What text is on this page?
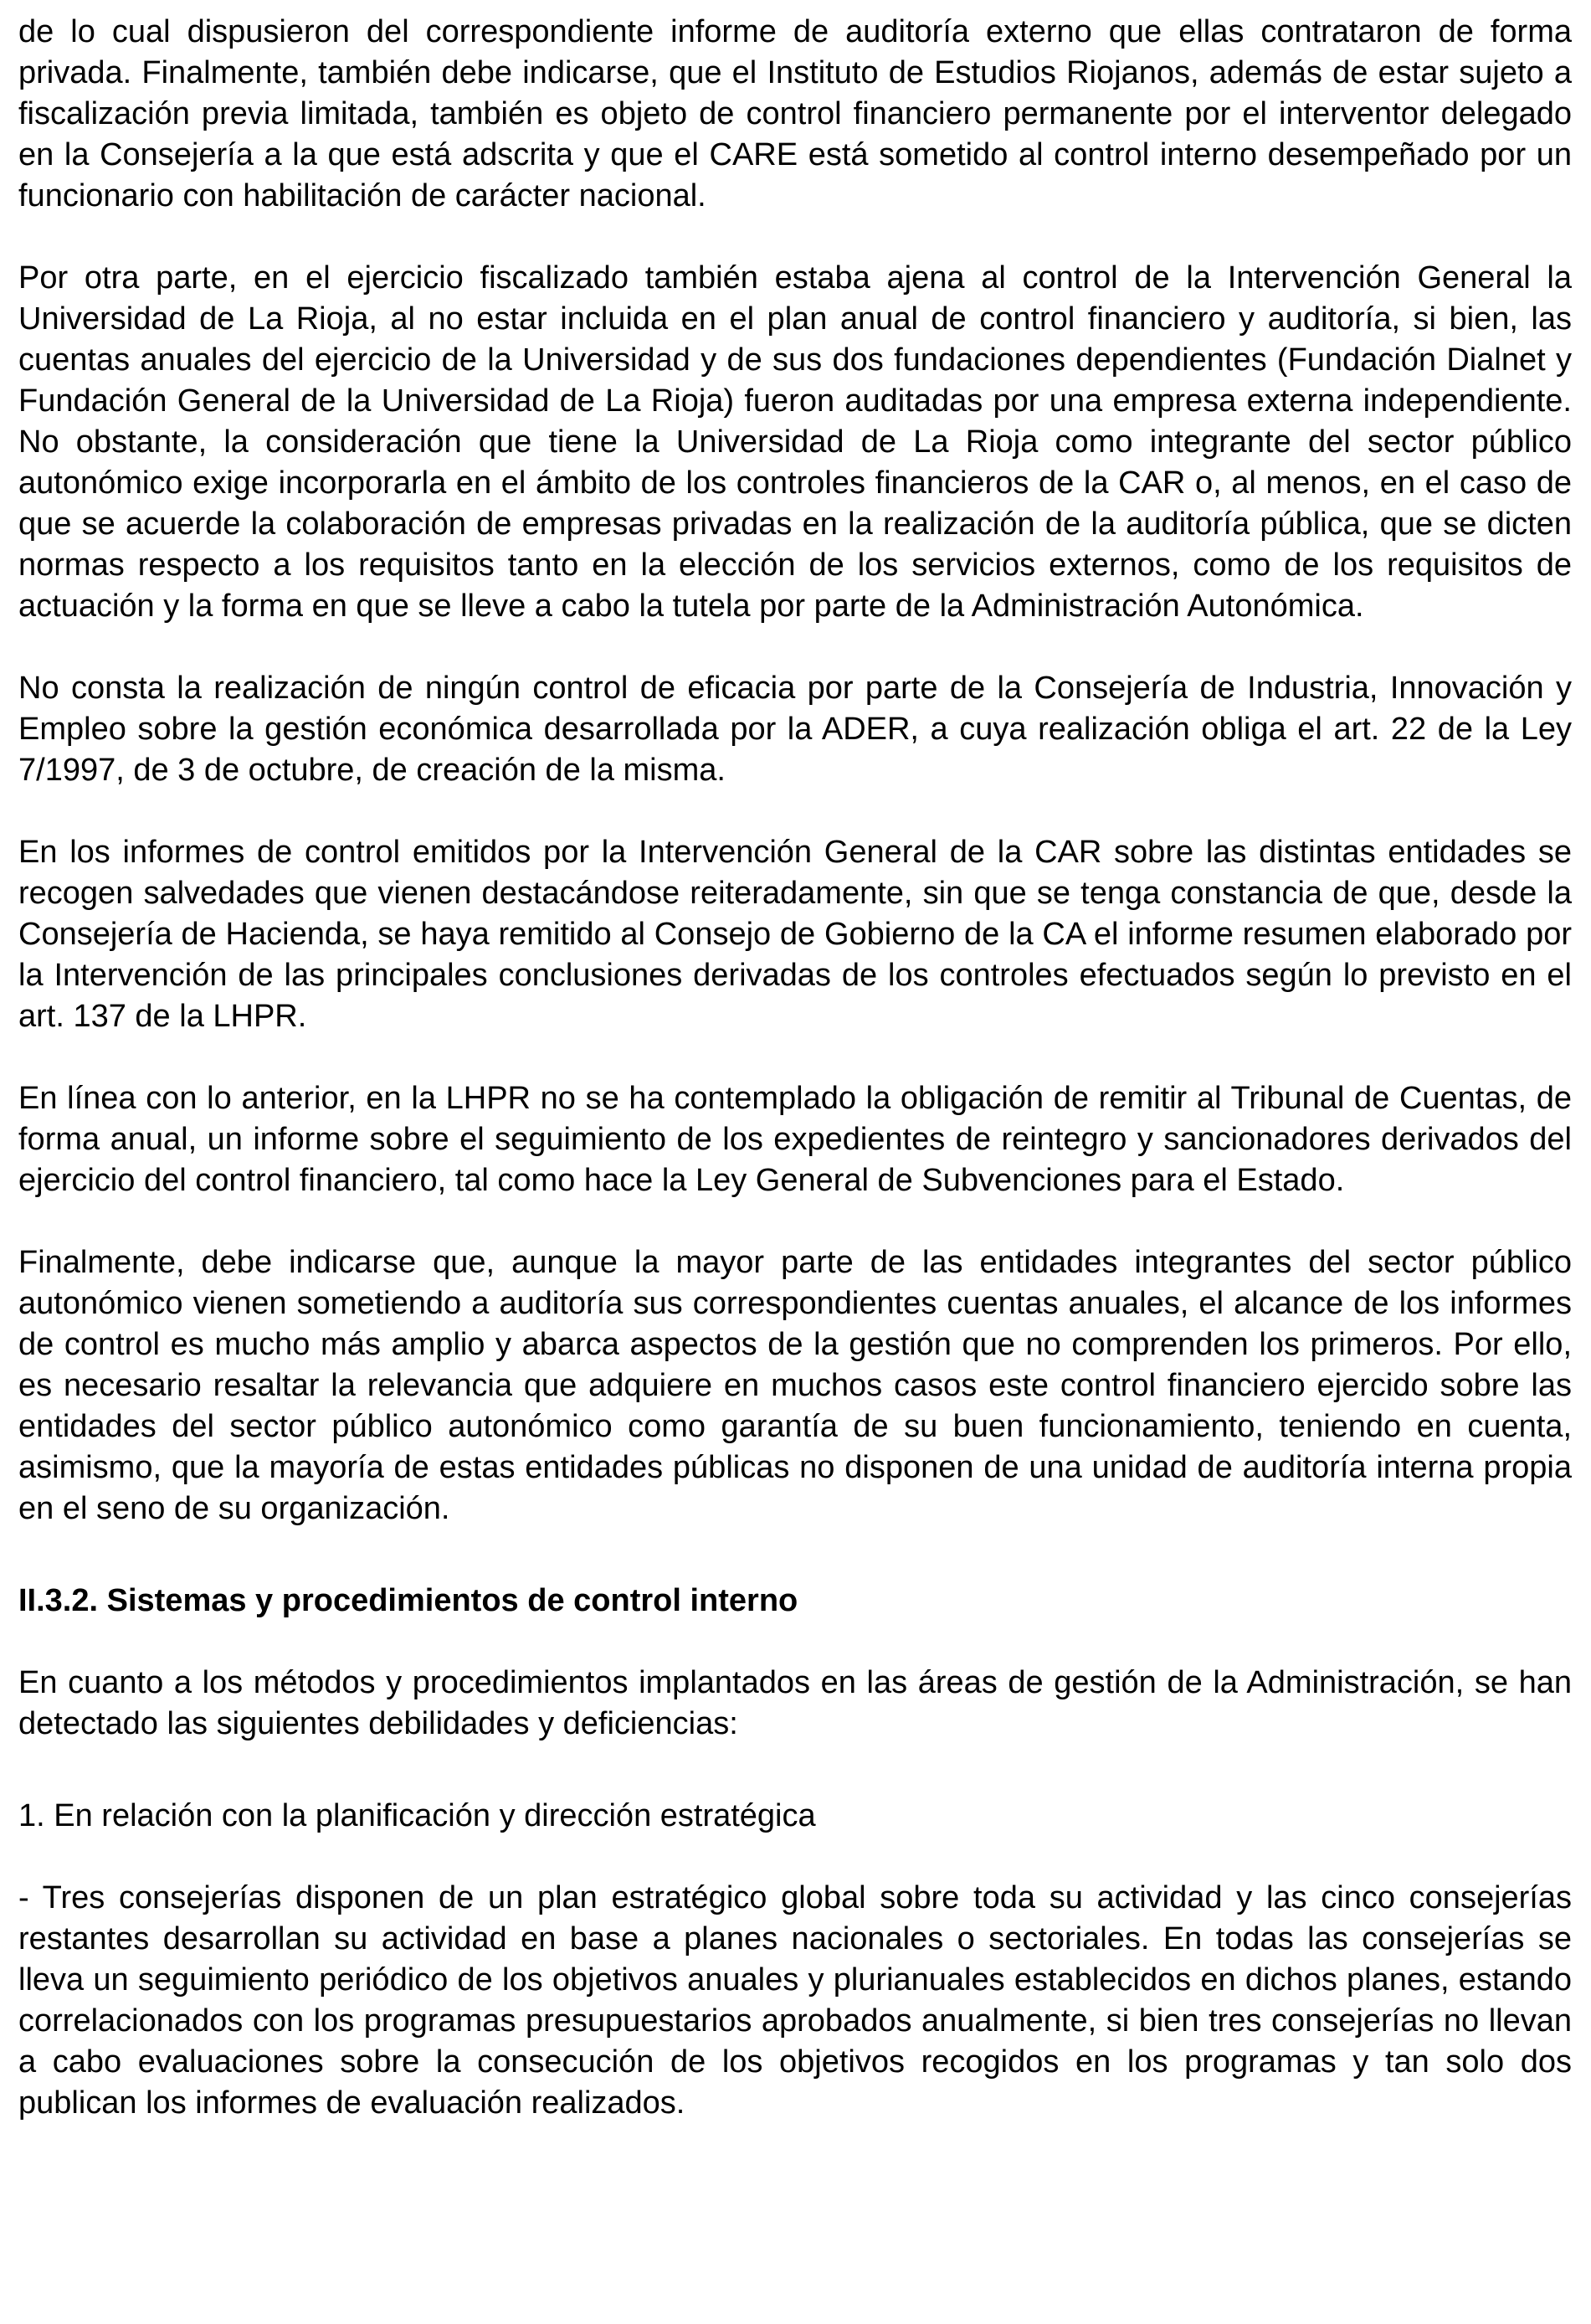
de lo cual dispusieron del correspondiente informe de auditoría externo que ellas contrataron de forma privada. Finalmente, también debe indicarse, que el Instituto de Estudios Riojanos, además de estar sujeto a fiscalización previa limitada, también es objeto de control financiero permanente por el interventor delegado en la Consejería a la que está adscrita y que el CARE está sometido al control interno desempeñado por un funcionario con habilitación de carácter nacional.

Por otra parte, en el ejercicio fiscalizado también estaba ajena al control de la Intervención General la Universidad de La Rioja, al no estar incluida en el plan anual de control financiero y auditoría, si bien, las cuentas anuales del ejercicio de la Universidad y de sus dos fundaciones dependientes (Fundación Dialnet y Fundación General de la Universidad de La Rioja) fueron auditadas por una empresa externa independiente. No obstante, la consideración que tiene la Universidad de La Rioja como integrante del sector público autonómico exige incorporarla en el ámbito de los controles financieros de la CAR o, al menos, en el caso de que se acuerde la colaboración de empresas privadas en la realización de la auditoría pública, que se dicten normas respecto a los requisitos tanto en la elección de los servicios externos, como de los requisitos de actuación y la forma en que se lleve a cabo la tutela por parte de la Administración Autonómica.

No consta la realización de ningún control de eficacia por parte de la Consejería de Industria, Innovación y Empleo sobre la gestión económica desarrollada por la ADER, a cuya realización obliga el art. 22 de la Ley 7/1997, de 3 de octubre, de creación de la misma.

En los informes de control emitidos por la Intervención General de la CAR sobre las distintas entidades se recogen salvedades que vienen destacándose reiteradamente, sin que se tenga constancia de que, desde la Consejería de Hacienda, se haya remitido al Consejo de Gobierno de la CA el informe resumen elaborado por la Intervención de las principales conclusiones derivadas de los controles efectuados según lo previsto en el art. 137 de la LHPR.

En línea con lo anterior, en la LHPR no se ha contemplado la obligación de remitir al Tribunal de Cuentas, de forma anual, un informe sobre el seguimiento de los expedientes de reintegro y sancionadores derivados del ejercicio del control financiero, tal como hace la Ley General de Subvenciones para el Estado.

Finalmente, debe indicarse que, aunque la mayor parte de las entidades integrantes del sector público autonómico vienen sometiendo a auditoría sus correspondientes cuentas anuales, el alcance de los informes de control es mucho más amplio y abarca aspectos de la gestión que no comprenden los primeros. Por ello, es necesario resaltar la relevancia que adquiere en muchos casos este control financiero ejercido sobre las entidades del sector público autonómico como garantía de su buen funcionamiento, teniendo en cuenta, asimismo, que la mayoría de estas entidades públicas no disponen de una unidad de auditoría interna propia en el seno de su organización.

II.3.2. Sistemas y procedimientos de control interno

En cuanto a los métodos y procedimientos implantados en las áreas de gestión de la Administración, se han detectado las siguientes debilidades y deficiencias:

1. En relación con la planificación y dirección estratégica

- Tres consejerías disponen de un plan estratégico global sobre toda su actividad y las cinco consejerías restantes desarrollan su actividad en base a planes nacionales o sectoriales. En todas las consejerías se lleva un seguimiento periódico de los objetivos anuales y plurianuales establecidos en dichos planes, estando correlacionados con los programas presupuestarios aprobados anualmente, si bien tres consejerías no llevan a cabo evaluaciones sobre la consecución de los objetivos recogidos en los programas y tan solo dos publican los informes de evaluación realizados.
